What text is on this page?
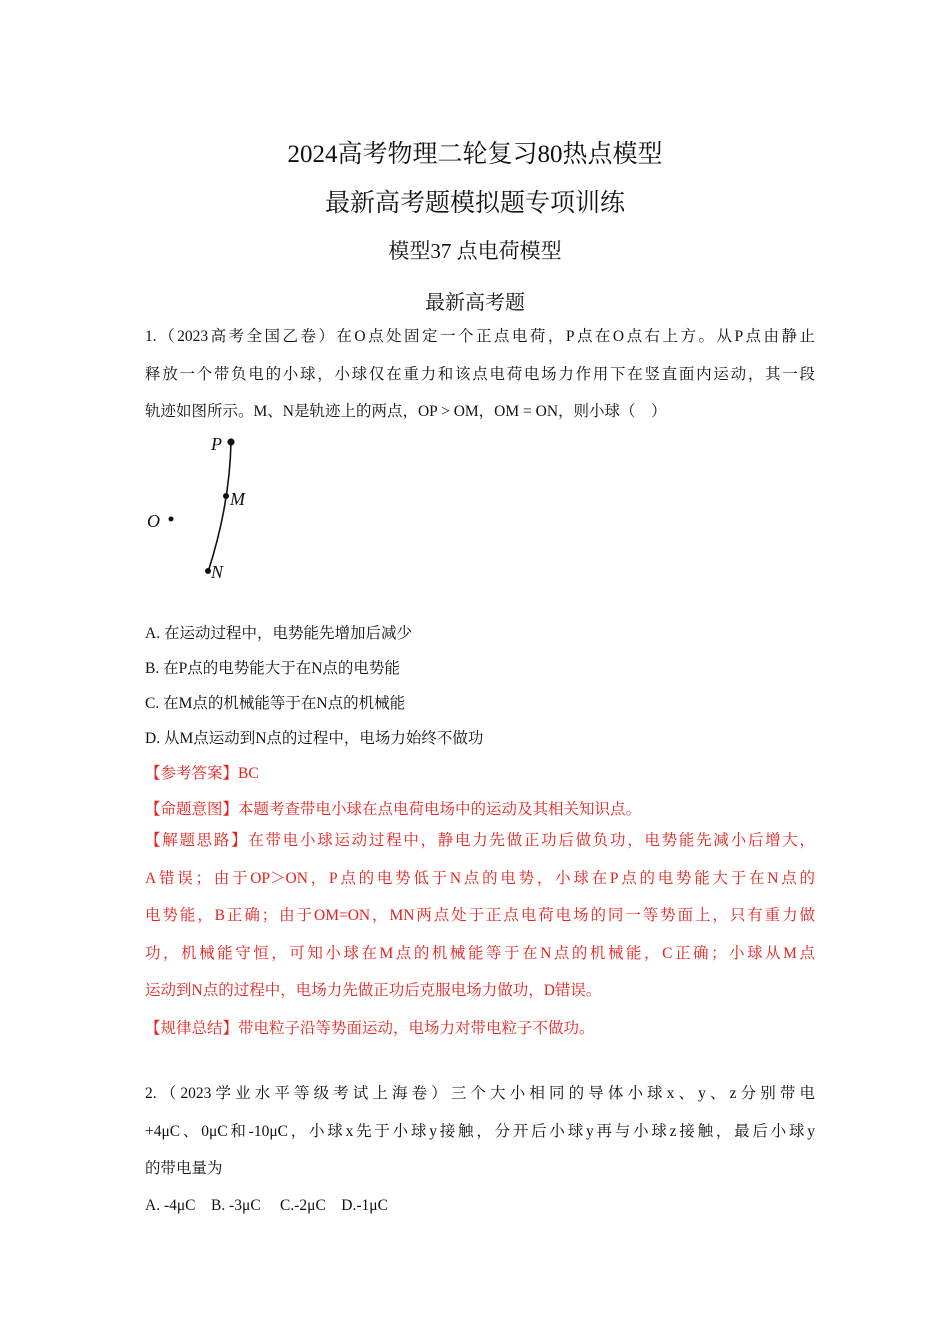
2024高考物理二轮复习80热点模型
最新高考题模拟题专项训练
模型37 点电荷模型
最新高考题
1.（2023高考全国乙卷）在O点处固定一个正点电荷，P点在O点右上方。从P点由静止
释放一个带负电的小球，小球仅在重力和该点电荷电场力作用下在竖直面内运动，其一段
轨迹如图所示。M、N是轨迹上的两点，OP > OM，OM = ON，则小球（　）
P
M
O
N
A. 在运动过程中，电势能先增加后减少
B. 在P点的电势能大于在N点的电势能
C. 在M点的机械能等于在N点的机械能
D. 从M点运动到N点的过程中，电场力始终不做功
【参考答案】BC
【命题意图】本题考查带电小球在点电荷电场中的运动及其相关知识点。
【解题思路】在带电小球运动过程中，静电力先做正功后做负功，电势能先减小后增大，
A错误；由于OP＞ON，P点的电势低于N点的电势，小球在P点的电势能大于在N点的
电势能，B正确；由于OM=ON，MN两点处于正点电荷电场的同一等势面上，只有重力做
功，机械能守恒，可知小球在M点的机械能等于在N点的机械能，C正确；小球从M点
运动到N点的过程中，电场力先做正功后克服电场力做功，D错误。
【规律总结】带电粒子沿等势面运动，电场力对带电粒子不做功。
2.（2023学业水平等级考试上海卷）三个大小相同的导体小球x、y、z分别带电
+4μC、0μC和-10μC，小球x先于小球y接触，分开后小球y再与小球z接触，最后小球y
的带电量为
A. -4μC　B. -3μC　 C.-2μC　D.-1μC
